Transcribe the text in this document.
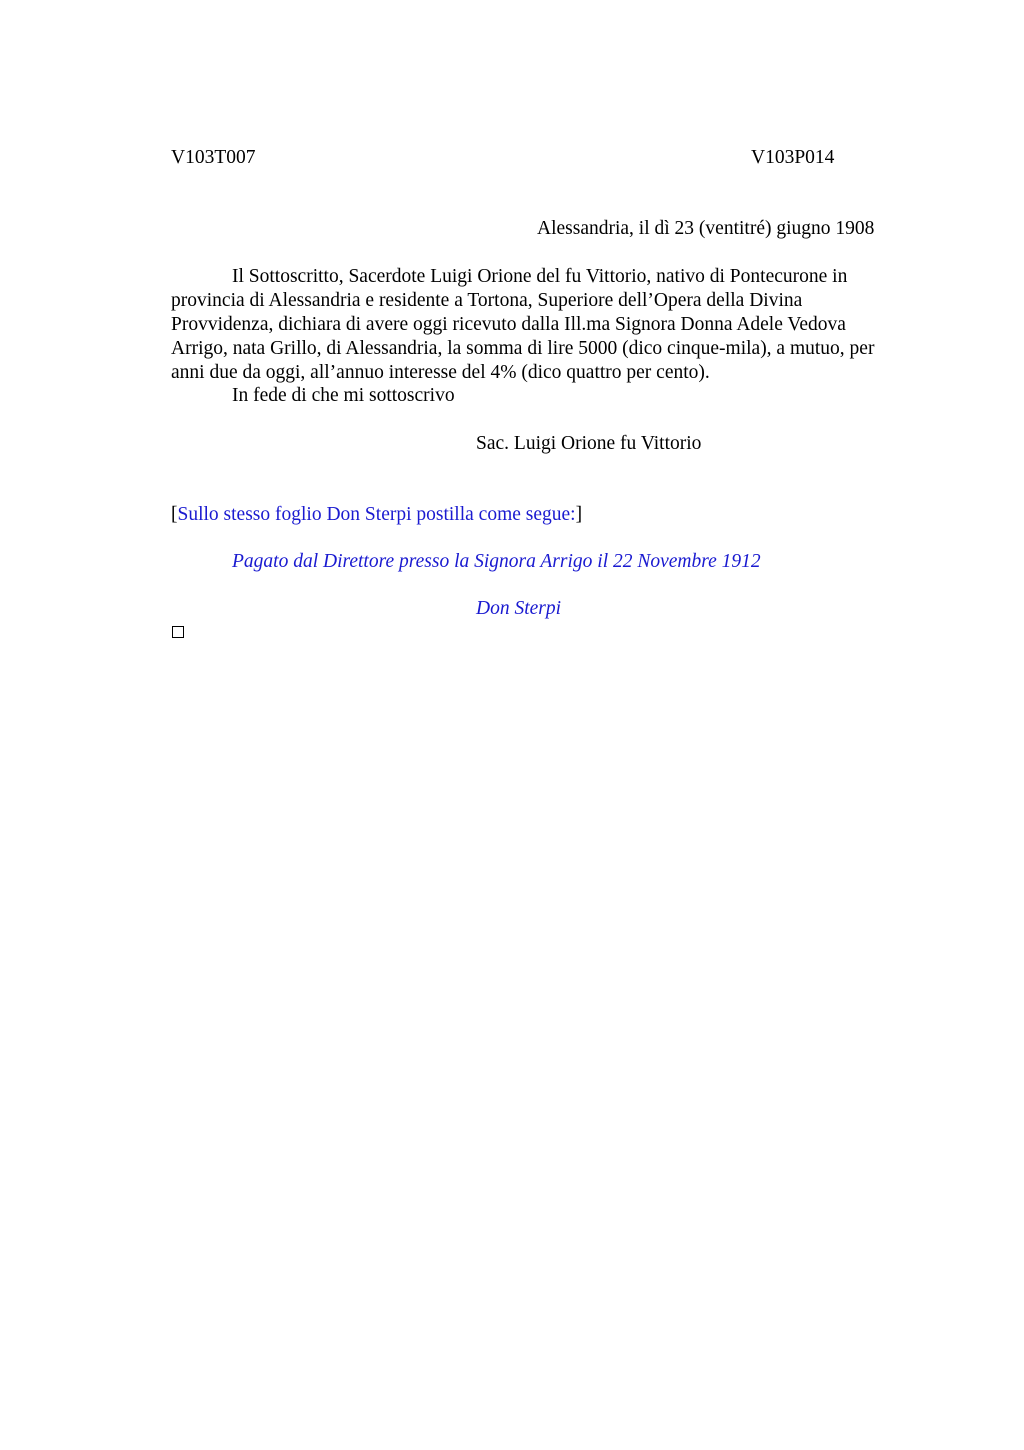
V103T007	V103P014
Alessandria, il dì 23 (ventitré) giugno 1908

Il Sottoscritto, Sacerdote Luigi Orione del fu Vittorio, nativo di Pontecurone in
provincia di Alessandria e residente a Tortona, Superiore dell’Opera della Divina
Provvidenza, dichiara di avere oggi ricevuto dalla Ill.ma Signora Donna Adele Vedova
Arrigo, nata Grillo, di Alessandria, la somma di lire 5000 (dico cinque-mila), a mutuo, per
anni due da oggi, all’annuo interesse del 4% (dico quattro per cento).

In fede di che mi sottoscrivo
Sac. Luigi Orione fu Vittorio
[Sullo stesso foglio Don Sterpi postilla come segue:]
Pagato dal Direttore presso la Signora Arrigo il 22 Novembre 1912
Don Sterpi
